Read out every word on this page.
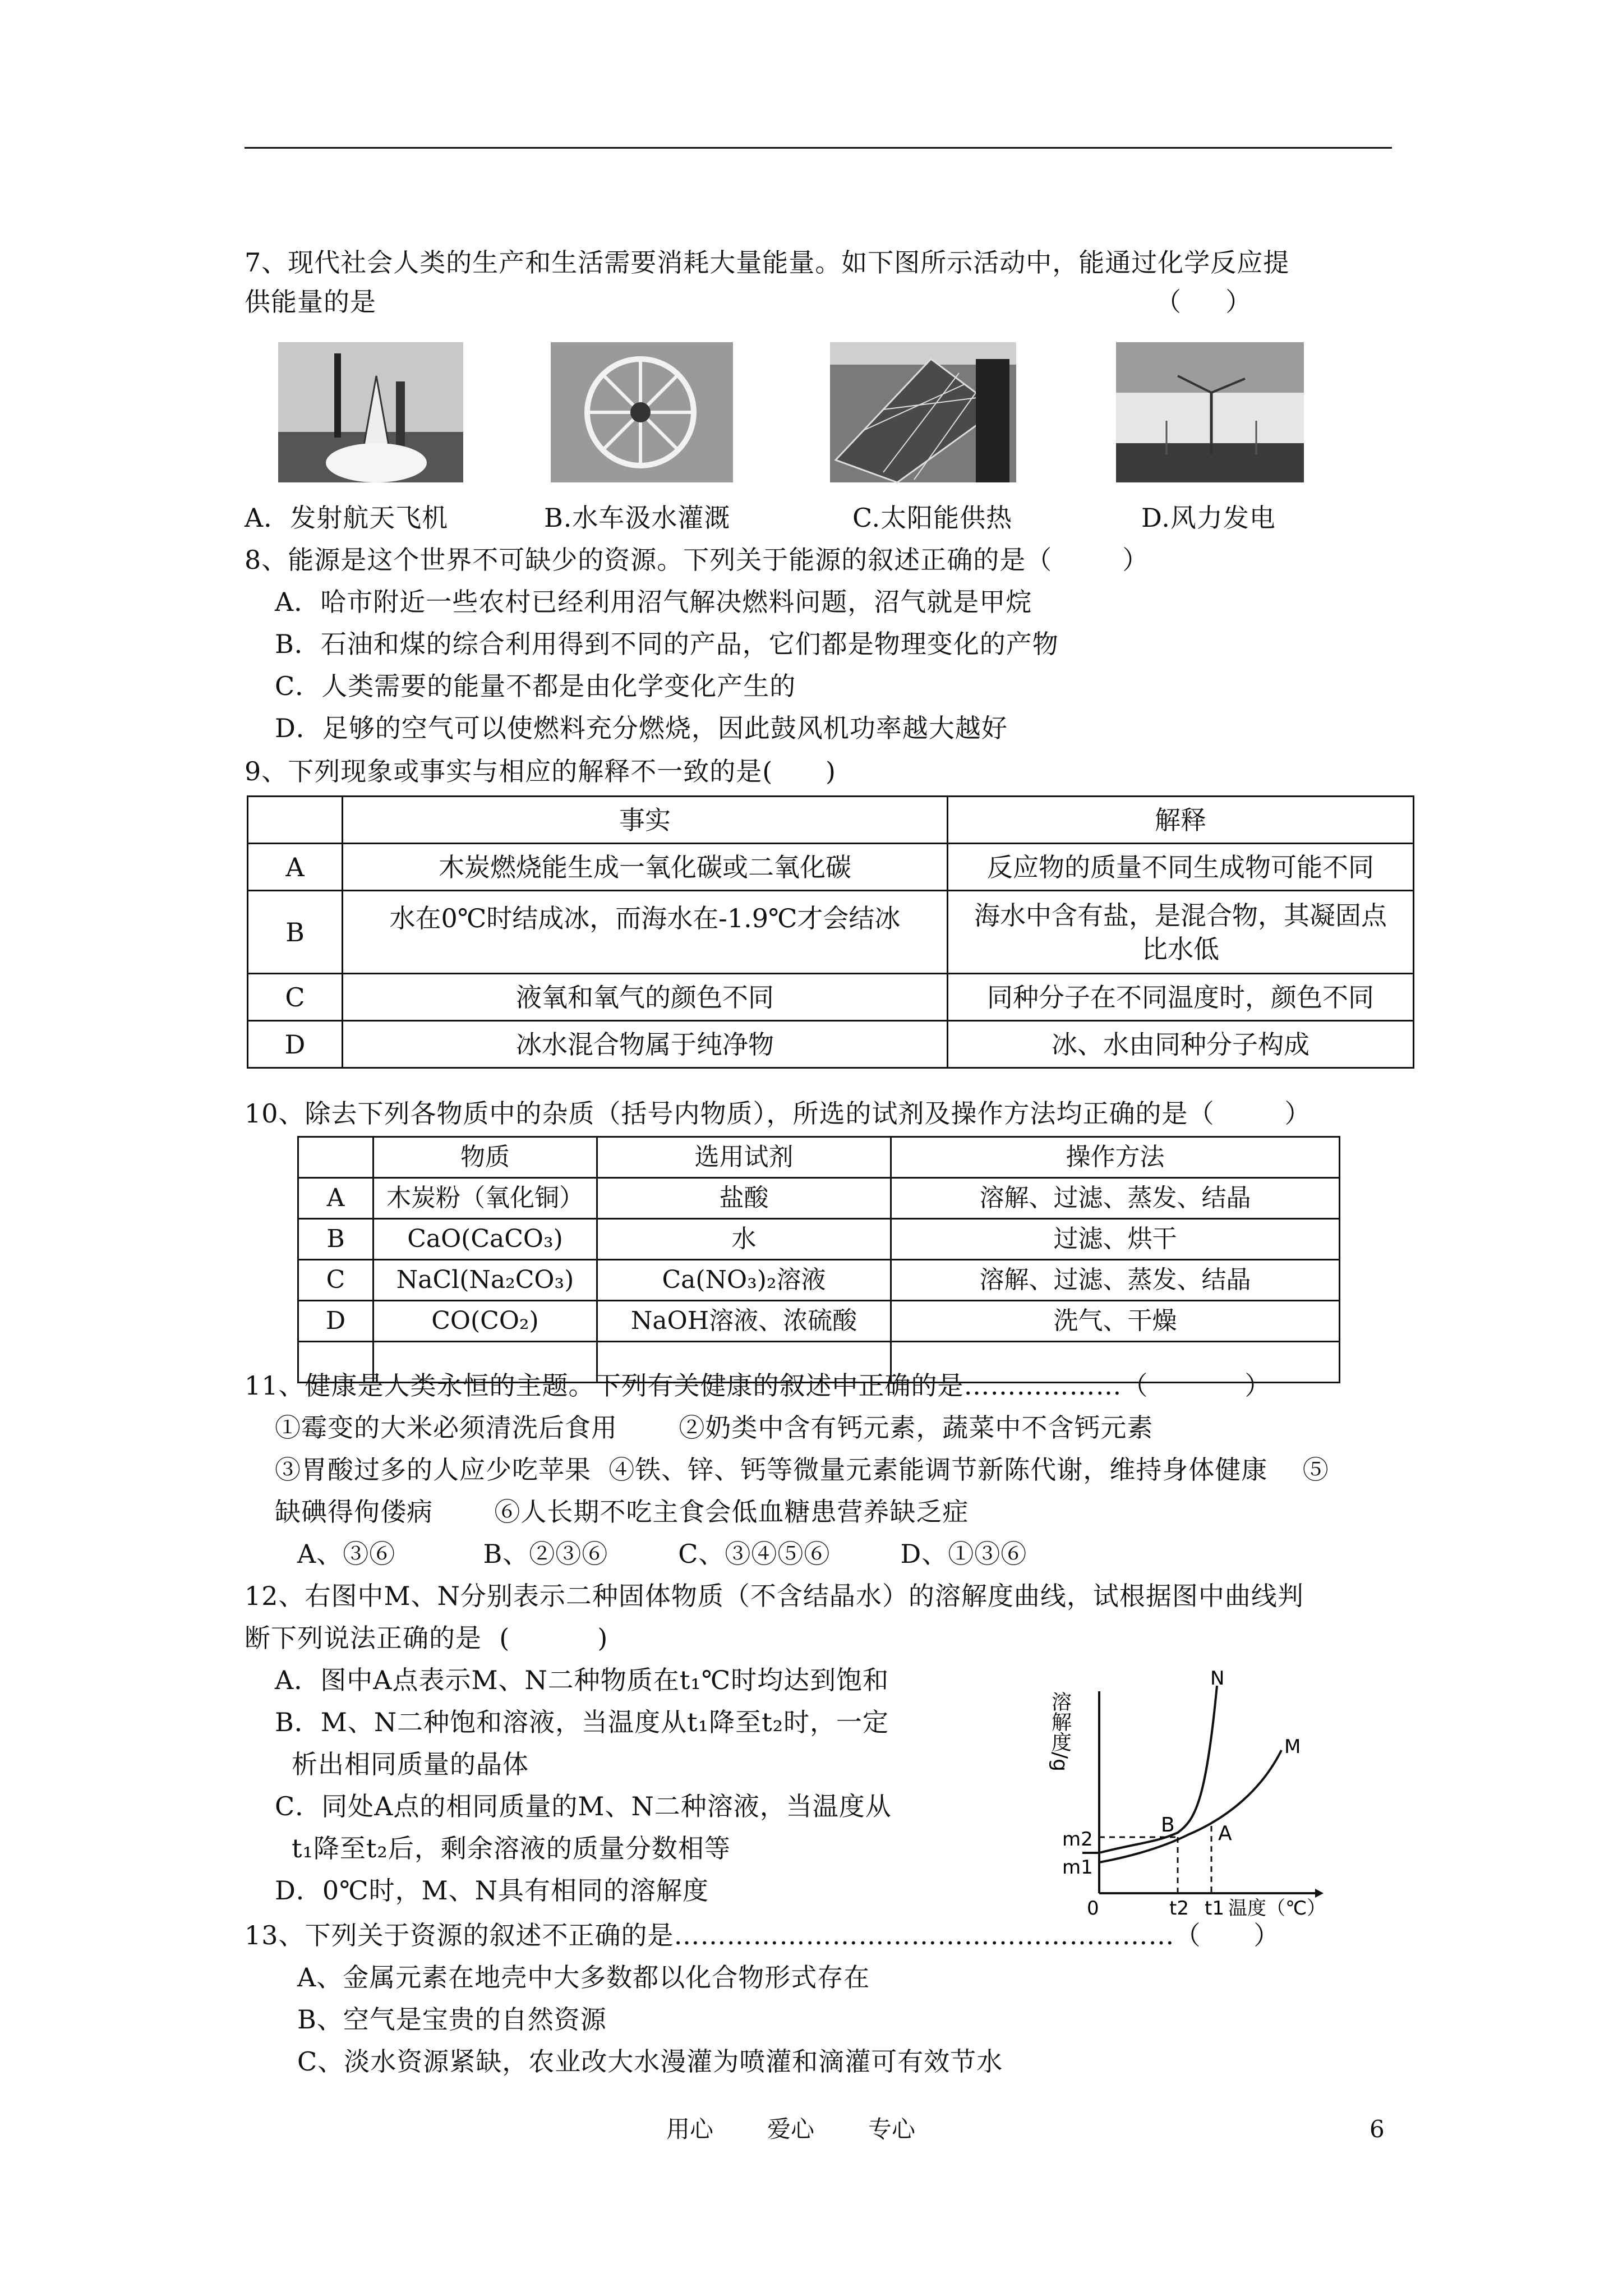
7、现代社会人类的生产和生活需要消耗大量能量。如下图所示活动中，能通过化学反应提
供能量的是	（     ）
A．发射航天飞机	B.水车汲水灌溉	C.太阳能供热	D.风力发电
8、能源是这个世界不可缺少的资源。下列关于能源的叙述正确的是（        ）
A．哈市附近一些农村已经利用沼气解决燃料问题，沼气就是甲烷
B．石油和煤的综合利用得到不同的产品，它们都是物理变化的产物
C．人类需要的能量不都是由化学变化产生的
D．足够的空气可以使燃料充分燃烧，因此鼓风机功率越大越好
9、下列现象或事实与相应的解释不一致的是(      )
	事实	解释
A	木炭燃烧能生成一氧化碳或二氧化碳	反应物的质量不同生成物可能不同
B	水在0℃时结成冰，而海水在-1.9℃才会结冰	海水中含有盐，是混合物，其凝固点
比水低

C	液氧和氧气的颜色不同	同种分子在不同温度时，颜色不同
D	冰水混合物属于纯净物	冰、水由同种分子构成
10、除去下列各物质中的杂质（括号内物质），所选的试剂及操作方法均正确的是（        ）
	物质	选用试剂	操作方法
A	木炭粉（氧化铜）	盐酸	溶解、过滤、蒸发、结晶
B	CaO(CaCO₃)	水	过滤、烘干
C	NaCl(Na₂CO₃)	Ca(NO₃)₂溶液	溶解、过滤、蒸发、结晶
D	CO(CO₂)	NaOH溶液、浓硫酸	洗气、干燥

11、健康是人类永恒的主题。下列有关健康的叙述中正确的是………………（           ）
①霉变的大米必须清洗后食用       ②奶类中含有钙元素，蔬菜中不含钙元素
③胃酸过多的人应少吃苹果  ④铁、锌、钙等微量元素能调节新陈代谢，维持身体健康    ⑤
缺碘得佝偻病       ⑥人长期不吃主食会低血糖患营养缺乏症
A、③⑥          B、②③⑥        C、③④⑤⑥        D、①③⑥
12、右图中M、N分别表示二种固体物质（不含结晶水）的溶解度曲线，试根据图中曲线判
断下列说法正确的是  (          )
A．图中A点表示M、N二种物质在t₁℃时均达到饱和
B．M、N二种饱和溶液，当温度从t₁降至t₂时，一定
析出相同质量的晶体
C．同处A点的相同质量的M、N二种溶液，当温度从
t₁降至t₂后，剩余溶液的质量分数相等
D．0℃时，M、N具有相同的溶解度
溶解度/g
m2
m1
0	t2 t1 温度（℃）
N
M
B A
13、下列关于资源的叙述不正确的是…………………………………………………（      ）
A、金属元素在地壳中大多数都以化合物形式存在
B、空气是宝贵的自然资源
C、淡水资源紧缺，农业改大水漫灌为喷灌和滴灌可有效节水
用心 爱心 专心	6
